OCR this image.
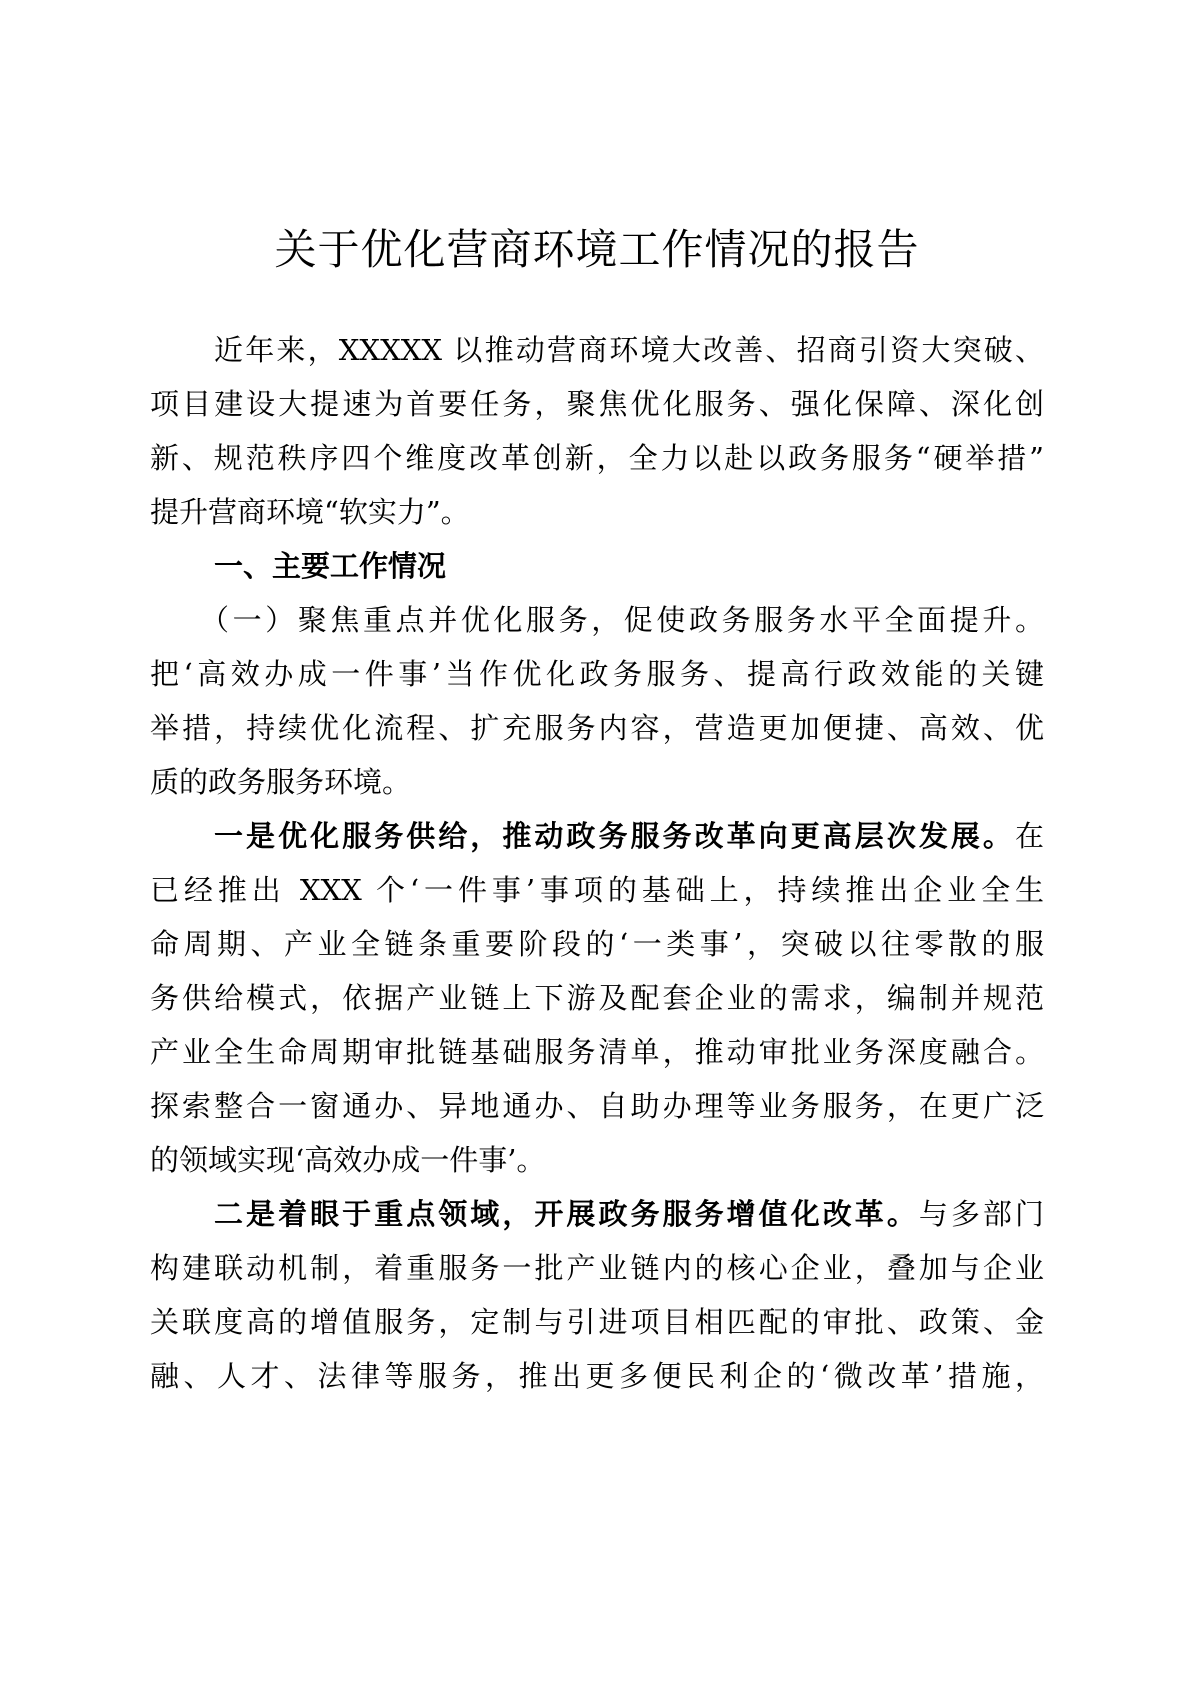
关于优化营商环境工作情况的报告
近年来，XXXXX 以推动营商环境大改善、招商引资大突破、
项目建设大提速为首要任务，聚焦优化服务、强化保障、深化创
新、规范秩序四个维度改革创新，全力以赴以政务服务“硬举措”
提升营商环境“软实力”。
一、主要工作情况
（一）聚焦重点并优化服务，促使政务服务水平全面提升。
把‘高效办成一件事’当作优化政务服务、提高行政效能的关键
举措，持续优化流程、扩充服务内容，营造更加便捷、高效、优
质的政务服务环境。
一是优化服务供给，推动政务服务改革向更高层次发展。在
已经推出 XXX 个‘一件事’事项的基础上，持续推出企业全生
命周期、产业全链条重要阶段的‘一类事’，突破以往零散的服
务供给模式，依据产业链上下游及配套企业的需求，编制并规范
产业全生命周期审批链基础服务清单，推动审批业务深度融合。
探索整合一窗通办、异地通办、自助办理等业务服务，在更广泛
的领域实现‘高效办成一件事’。
二是着眼于重点领域，开展政务服务增值化改革。与多部门
构建联动机制，着重服务一批产业链内的核心企业，叠加与企业
关联度高的增值服务，定制与引进项目相匹配的审批、政策、金
融、人才、法律等服务，推出更多便民利企的‘微改革’措施，
